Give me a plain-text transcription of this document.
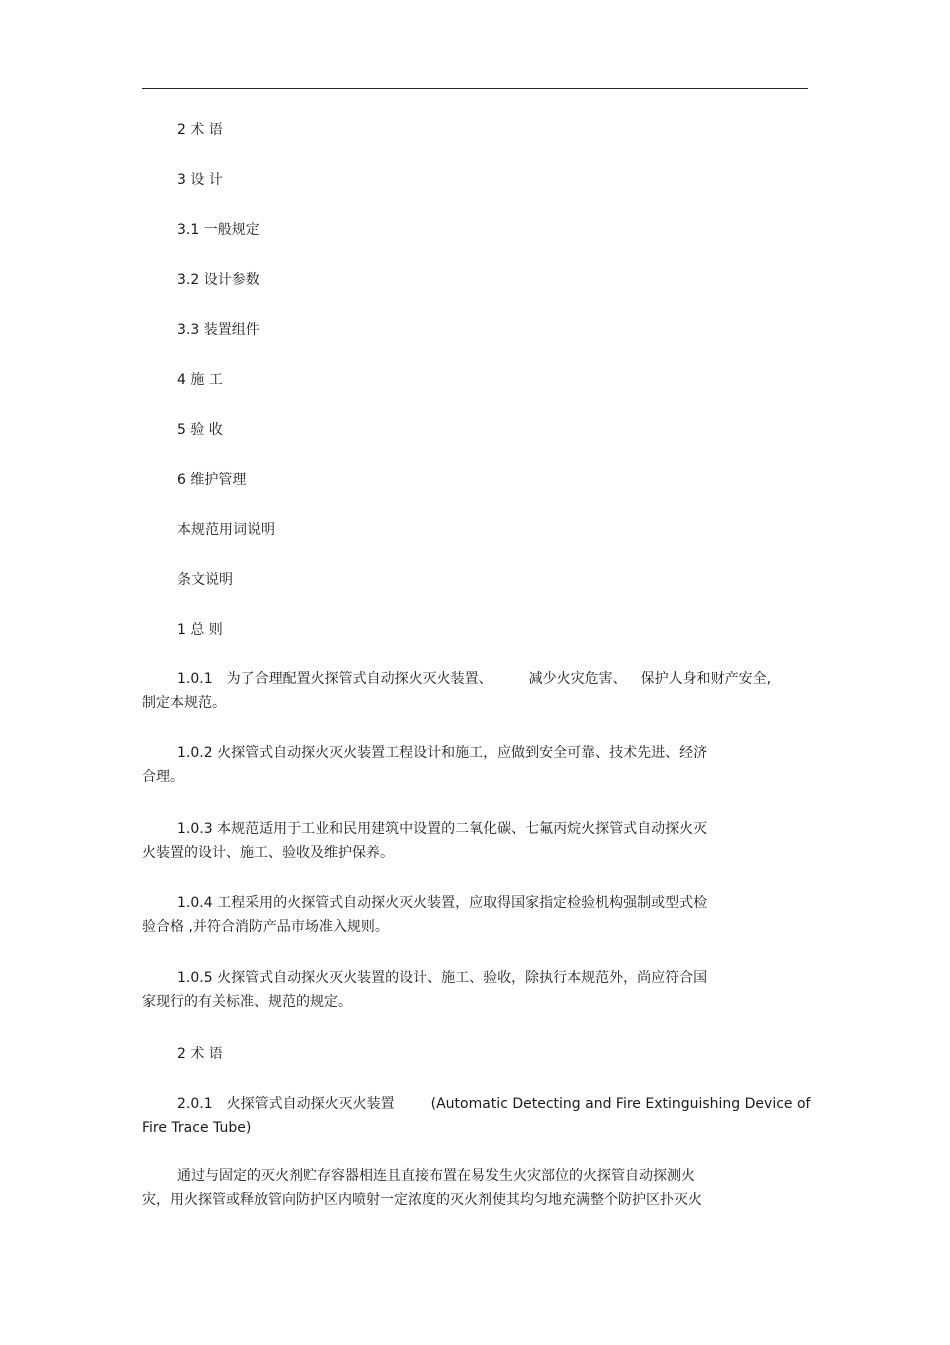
2 术 语
3 设 计
3.1 一般规定
3.2 设计参数
3.3 装置组件
4 施 工
5 验 收
6 维护管理
本规范用词说明
条文说明
1 总 则
1.0.1 为了合理配置火探管式自动探火灭火装置、	减少火灾危害、 保护人身和财产安全,
制定本规范。
1.0.2 火探管式自动探火灭火装置工程设计和施工，应做到安全可靠、技术先进、经济
合理。
1.0.3 本规范适用于工业和民用建筑中设置的二氧化碳、七氟丙烷火探管式自动探火灭
火装置的设计、施工、验收及维护保养。
1.0.4 工程采用的火探管式自动探火灭火装置，应取得国家指定检验机构强制或型式检
验合格 ,并符合消防产品市场准入规则。
1.0.5 火探管式自动探火灭火装置的设计、施工、验收，除执行本规范外，尚应符合国
家现行的有关标准、规范的规定。
2 术 语
2.0.1 火探管式自动探火灭火装置	(Automatic Detecting and Fire Extinguishing Device of
Fire Trace Tube)
通过与固定的灭火剂贮存容器相连且直接布置在易发生火灾部位的火探管自动探测火
灾，用火探管或释放管向防护区内喷射一定浓度的灭火剂使其均匀地充满整个防护区扑灭火
